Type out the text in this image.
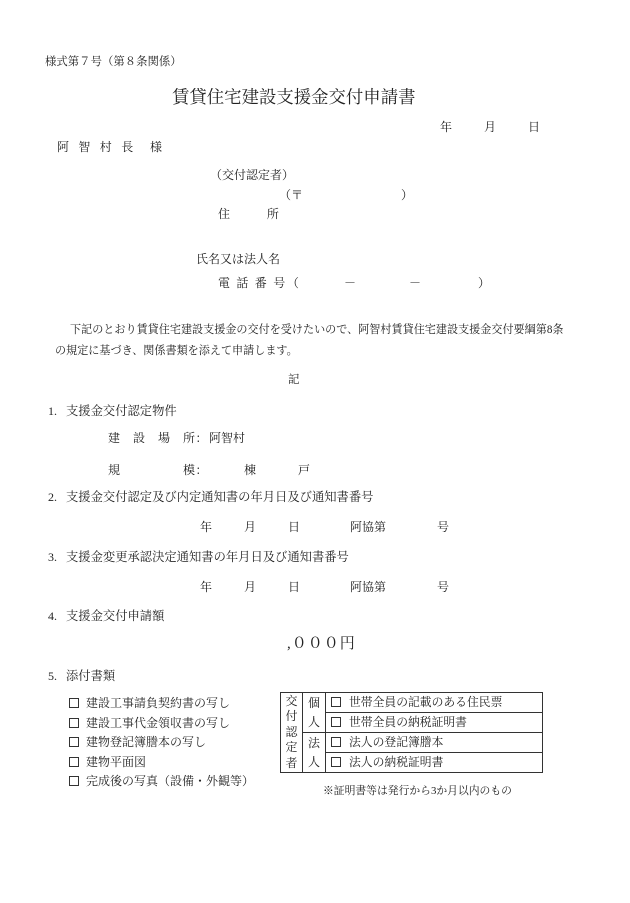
様式第７号（第８条関係）
賃貸住宅建設支援金交付申請書
年	月	日
阿 智 村 長 様
（交付認定者）
（〒	）
住　　所
氏名又は法人名
電 話 番 号（	－	－	）
下記のとおり賃貸住宅建設支援金の交付を受けたいので、阿智村賃貸住宅建設支援金交付要綱第8条
の規定に基づき、関係書類を添えて申請します。
記
1. 支援金交付認定物件
建　設　場　所： 阿智村
規　　　　　模：	棟	戸
2. 支援金交付認定及び内定通知書の年月日及び通知書番号
年	月	日	阿協第	号
3. 支援金変更承認決定通知書の年月日及び通知書番号
年	月	日	阿協第	号
4. 支援金交付申請額
,０００円
5. 添付書類
建設工事請負契約書の写し
建設工事代金領収書の写し
建物登記簿謄本の写し
建物平面図
完成後の写真（設備・外観等）
交付認定者	個人	世帯全員の記載のある住民票

		世帯全員の納税証明書

	法人	法人の登記簿謄本

		法人の納税証明書
※証明書等は発行から3か月以内のもの
